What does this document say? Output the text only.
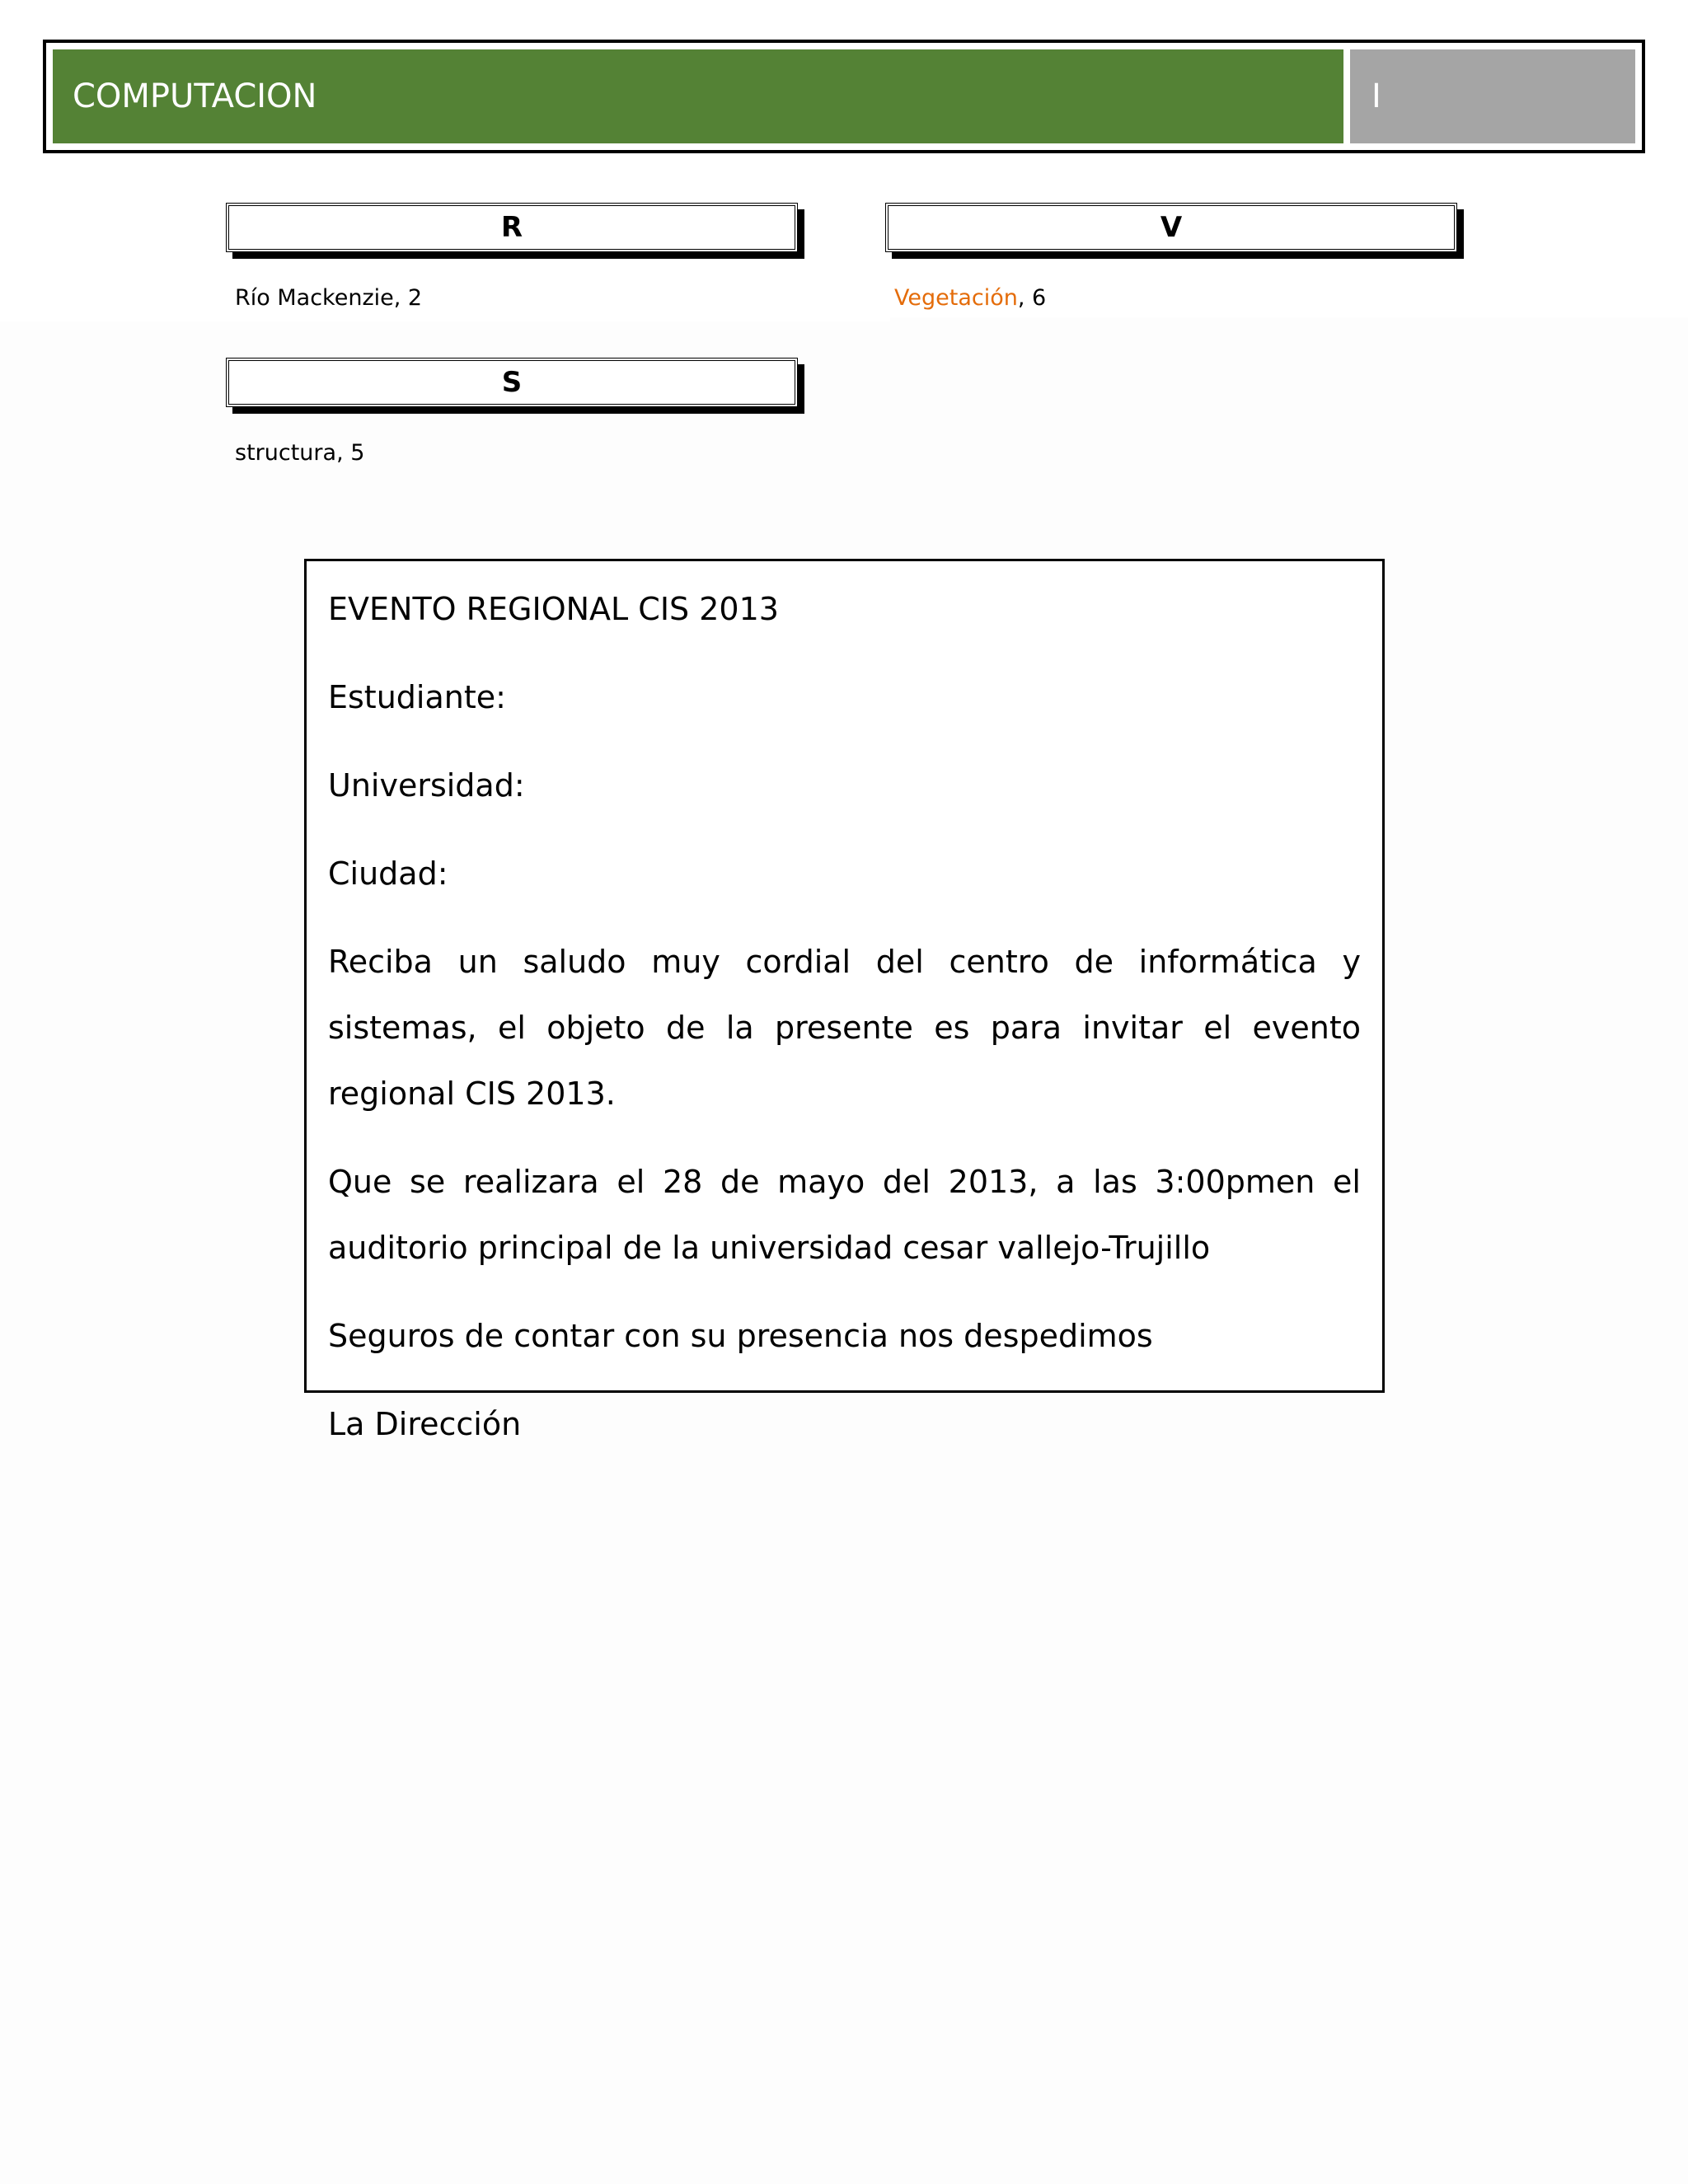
COMPUTACION	I
R
Río Mackenzie, 2
V
Vegetación, 6
S
structura, 5

EVENTO REGIONAL CIS 2013

Estudiante:

Universidad:

Ciudad:

Reciba un saludo muy cordial del centro de informática y sistemas, el objeto de la presente es para invitar el evento regional CIS 2013.

Que se realizara el 28 de mayo del 2013, a las 3:00pmen el auditorio principal de la universidad cesar vallejo-Trujillo

Seguros de contar con su presencia nos despedimos

La Dirección
